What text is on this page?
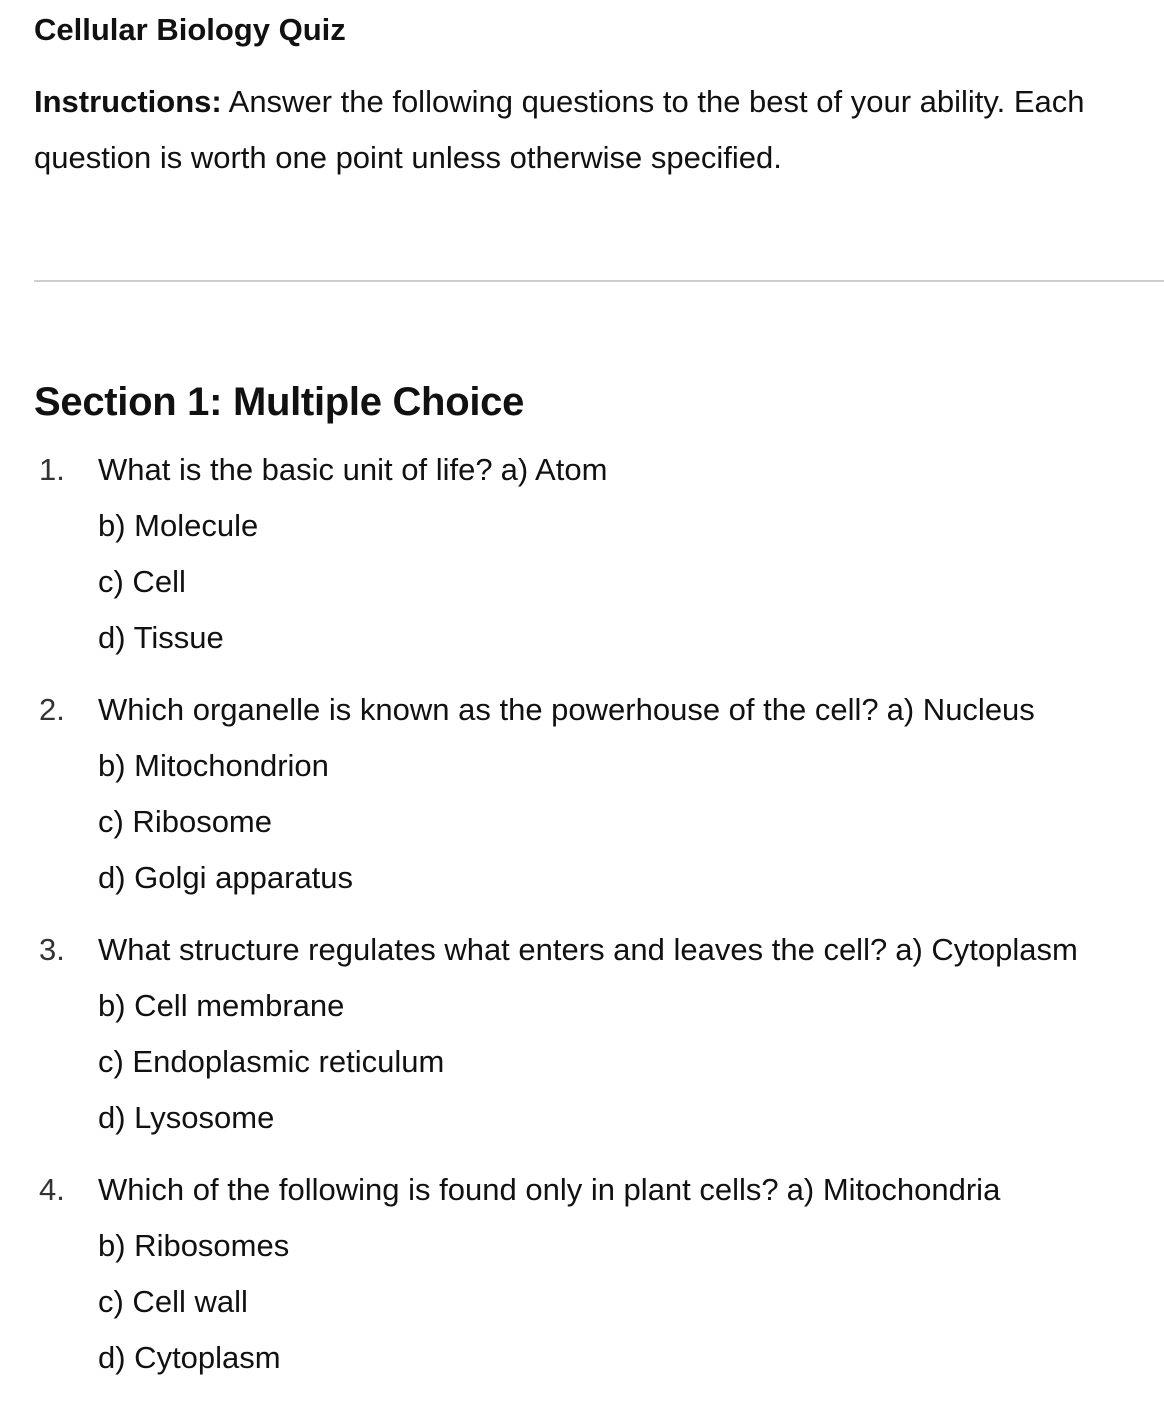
Cellular Biology Quiz

Instructions: Answer the following questions to the best of your ability. Each question is worth one point unless otherwise specified.

Section 1: Multiple Choice
1. What is the basic unit of life? a) Atom
b) Molecule
c) Cell
d) Tissue
2. Which organelle is known as the powerhouse of the cell? a) Nucleus
b) Mitochondrion
c) Ribosome
d) Golgi apparatus
3. What structure regulates what enters and leaves the cell? a) Cytoplasm
b) Cell membrane
c) Endoplasmic reticulum
d) Lysosome
4. Which of the following is found only in plant cells? a) Mitochondria
b) Ribosomes
c) Cell wall
d) Cytoplasm
